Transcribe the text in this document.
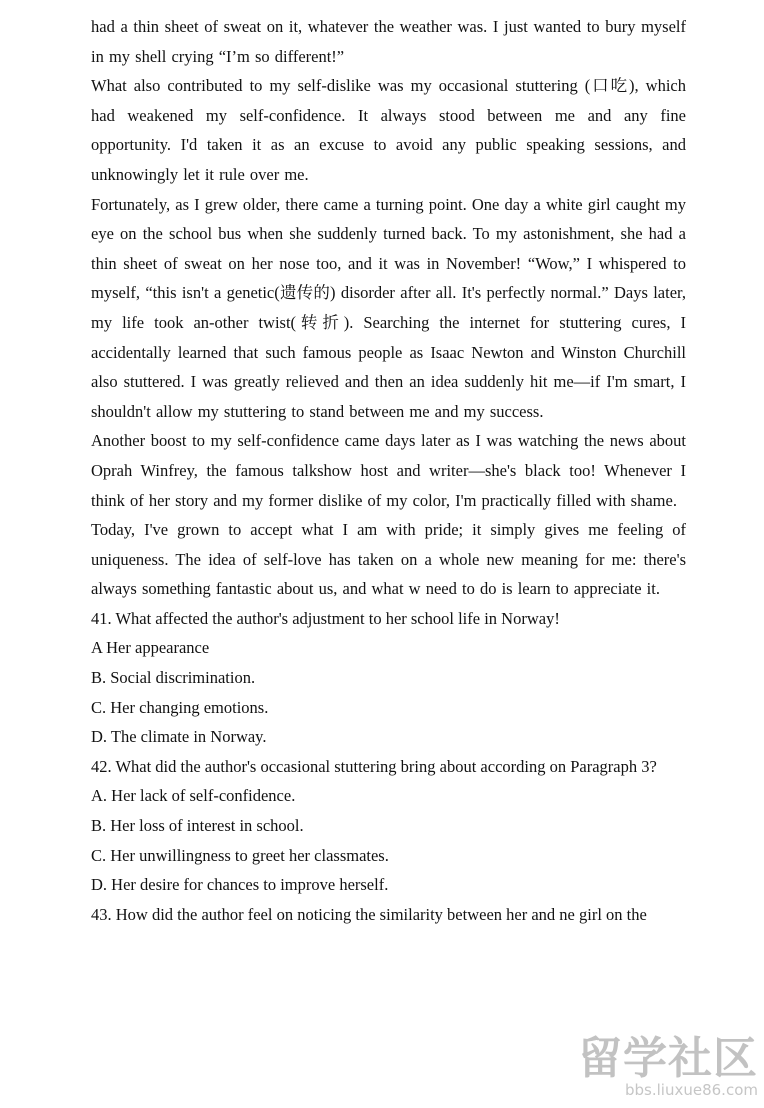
had a thin sheet of sweat on it, whatever the weather was. I just wanted to bury myself in my shell crying “I’m so different!”

What also contributed to my self-dislike was my occasional stuttering (口吃), which had weakened my self-confidence. It always stood between me and any fine opportunity. I'd taken it as an excuse to avoid any public speaking sessions, and unknowingly let it rule over me.

Fortunately, as I grew older, there came a turning point. One day a white girl caught my eye on the school bus when she suddenly turned back. To my astonishment, she had a thin sheet of sweat on her nose too, and it was in November! “Wow,” I whispered to myself, “this isn't a genetic(遗传的) disorder after all. It's perfectly normal.” Days later, my life took an-other twist(转折). Searching the internet for stuttering cures, I accidentally learned that such famous people as Isaac Newton and Winston Churchill also stuttered. I was greatly relieved and then an idea suddenly hit me—if I'm smart, I shouldn't allow my stuttering to stand between me and my success.

Another boost to my self-confidence came days later as I was watching the news about Oprah Winfrey, the famous talkshow host and writer—she's black too! Whenever I think of her story and my former dislike of my color, I'm practically filled with shame.

Today, I've grown to accept what I am with pride; it simply gives me feeling of uniqueness. The idea of self-love has taken on a whole new meaning for me: there's always something fantastic about us, and what w need to do is learn to appreciate it.

41. What affected the author's adjustment to her school life in Norway!

A Her appearance

B. Social discrimination.

C. Her changing emotions.

D. The climate in Norway.

42. What did the author's occasional stuttering bring about according on Paragraph 3?

A. Her lack of self-confidence.

B. Her loss of interest in school.

C. Her unwillingness to greet her classmates.

D. Her desire for chances to improve herself.

43. How did the author feel on noticing the similarity between her and ne girl on the

留学社区
bbs.liuxue86.com
